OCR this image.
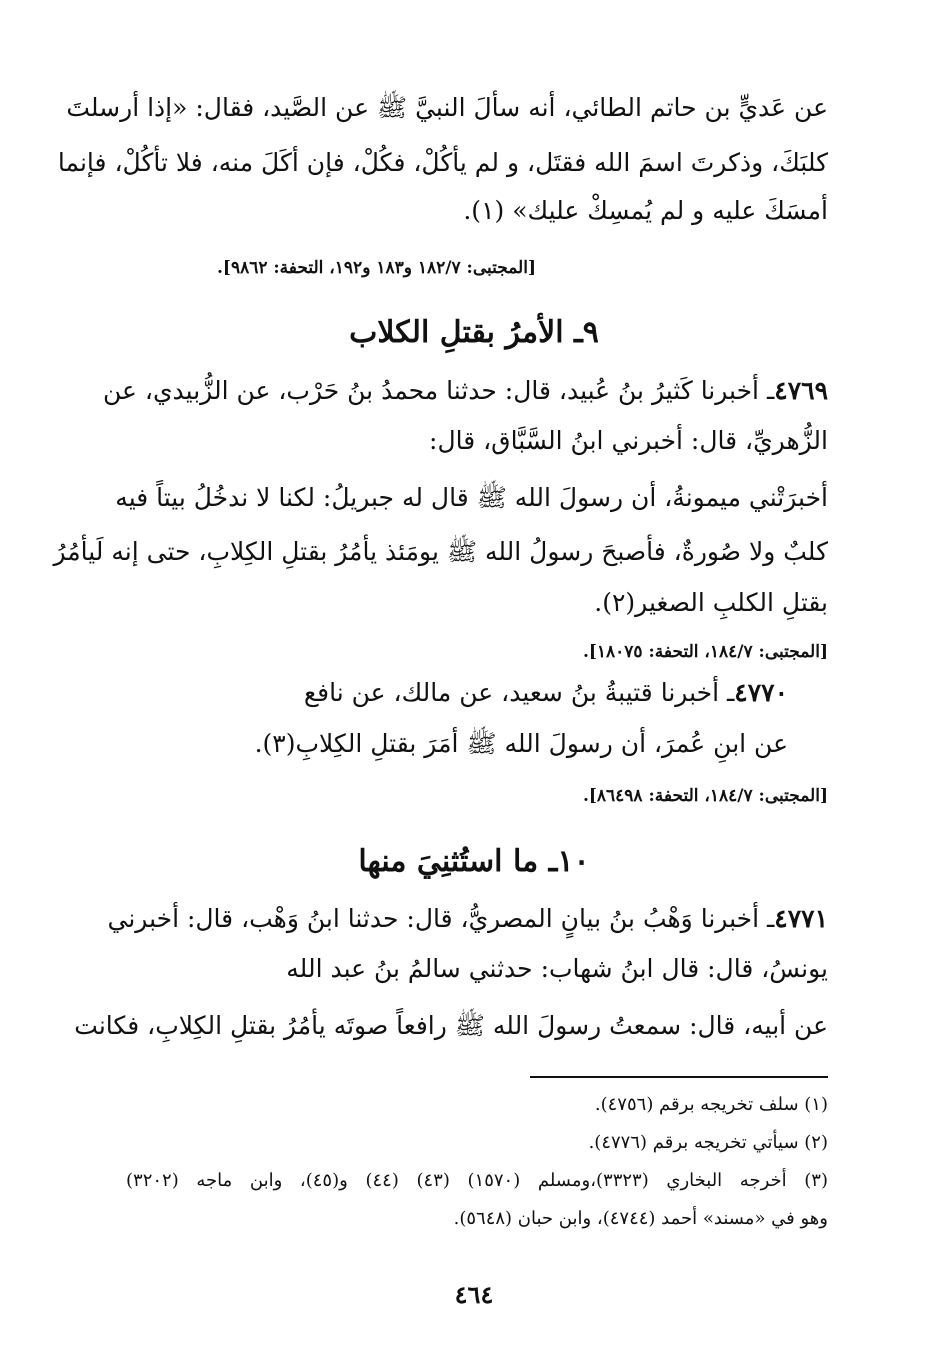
عن عَديٍّ بن حاتم الطائي، أنه سألَ النبيَّ ﷺ عن الصَّيد، فقال: «إذا أرسلتَ
كلبَكَ، وذكرتَ اسمَ الله فقتَل، و لم يأكُلْ، فكُلْ، فإن أكَلَ منه، فلا تأكُلْ، فإنما
أمسَكَ عليه و لم يُمسِكْ عليك» (١).
[المجتبى: ١٨٢/٧ و١٨٣ و١٩٢، التحفة: ٩٨٦٢].
٩ـ الأمرُ بقتلِ الكلاب
٤٧٦٩ـ أخبرنا كَثيرُ بنُ عُبيد، قال: حدثنا محمدُ بنُ حَرْب، عن الزُّبيدي، عن
الزُّهريِّ، قال: أخبرني ابنُ السَّبَّاق، قال:
أخبرَتْني ميمونةُ، أن رسولَ الله ﷺ قال له جبريلُ: لكنا لا ندخُلُ بيتاً فيه
كلبٌ ولا صُورةٌ، فأصبحَ رسولُ الله ﷺ يومَئذ يأمُرُ بقتلِ الكِلابِ، حتى إنه لَيأمُرُ
بقتلِ الكلبِ الصغير(٢).
[المجتبى: ١٨٤/٧، التحفة: ١٨٠٧٥].
٤٧٧٠ـ أخبرنا قتيبةُ بنُ سعيد، عن مالك، عن نافع
عن ابنِ عُمرَ، أن رسولَ الله ﷺ أمَرَ بقتلِ الكِلابِ(٣).
[المجتبى: ١٨٤/٧، التحفة: ٨٦٤٩٨].
١٠ـ ما استُثنِيَ منها
٤٧٧١ـ أخبرنا وَهْبُ بنُ بيانٍ المصريُّ، قال: حدثنا ابنُ وَهْب، قال: أخبرني
يونسُ، قال: قال ابنُ شهاب: حدثني سالمُ بنُ عبد الله
عن أبيه، قال: سمعتُ رسولَ الله ﷺ رافعاً صوتَه يأمُرُ بقتلِ الكِلابِ، فكانت
(١) سلف تخريجه برقم (٤٧٥٦).
(٢) سيأتي تخريجه برقم (٤٧٧٦).
(٣) أخرجه البخاري (٣٣٢٣)،ومسلم (١٥٧٠) (٤٣) (٤٤) و(٤٥)، وابن ماجه (٣٢٠٢)
وهو في «مسند» أحمد (٤٧٤٤)، وابن حبان (٥٦٤٨).
٤٦٤
